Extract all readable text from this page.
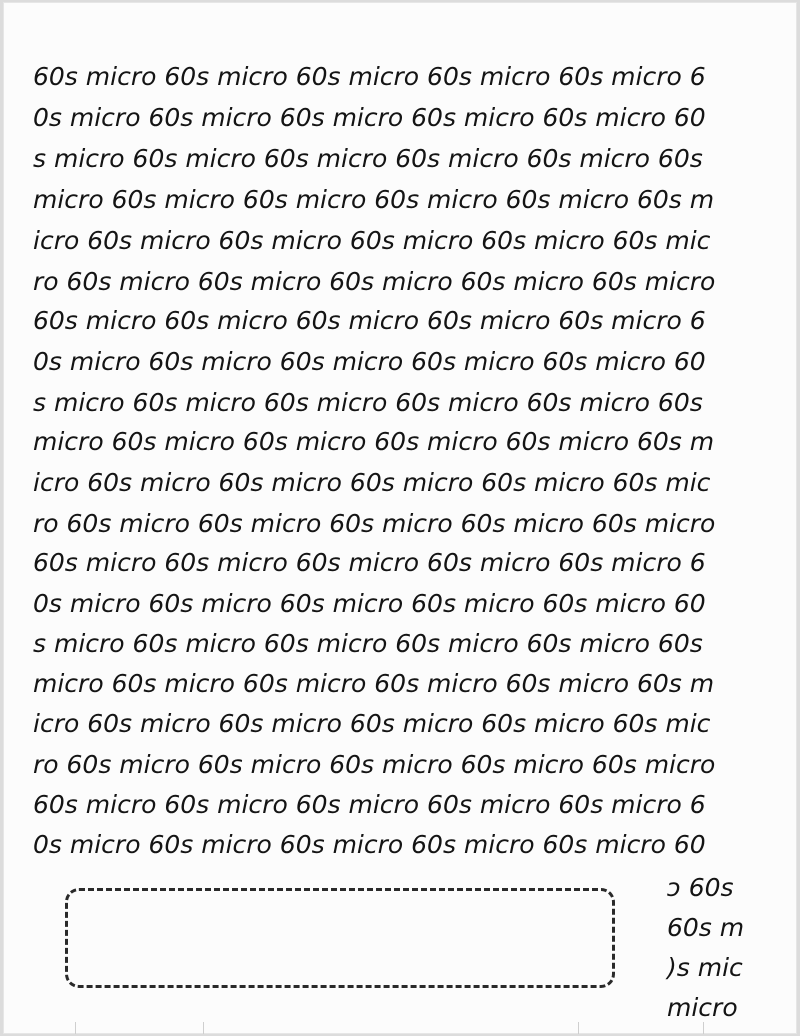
60s micro 60s micro 60s micro 60s micro 60s micro 6
0s micro 60s micro 60s micro 60s micro 60s micro 60
s micro 60s micro 60s micro 60s micro 60s micro 60s
micro 60s micro 60s micro 60s micro 60s micro 60s m
icro 60s micro 60s micro 60s micro 60s micro 60s mic
ro 60s micro 60s micro 60s micro 60s micro 60s micro
60s micro 60s micro 60s micro 60s micro 60s micro 6
0s micro 60s micro 60s micro 60s micro 60s micro 60
s micro 60s micro 60s micro 60s micro 60s micro 60s
micro 60s micro 60s micro 60s micro 60s micro 60s m
icro 60s micro 60s micro 60s micro 60s micro 60s mic
ro 60s micro 60s micro 60s micro 60s micro 60s micro
60s micro 60s micro 60s micro 60s micro 60s micro 6
0s micro 60s micro 60s micro 60s micro 60s micro 60
s micro 60s micro 60s micro 60s micro 60s micro 60s
micro 60s micro 60s micro 60s micro 60s micro 60s m
icro 60s micro 60s micro 60s micro 60s micro 60s mic
ro 60s micro 60s micro 60s micro 60s micro 60s micro
60s micro 60s micro 60s micro 60s micro 60s micro 6
0s micro 60s micro 60s micro 60s micro 60s micro 60
ɔ 60s
60s m
)s mic
micro
